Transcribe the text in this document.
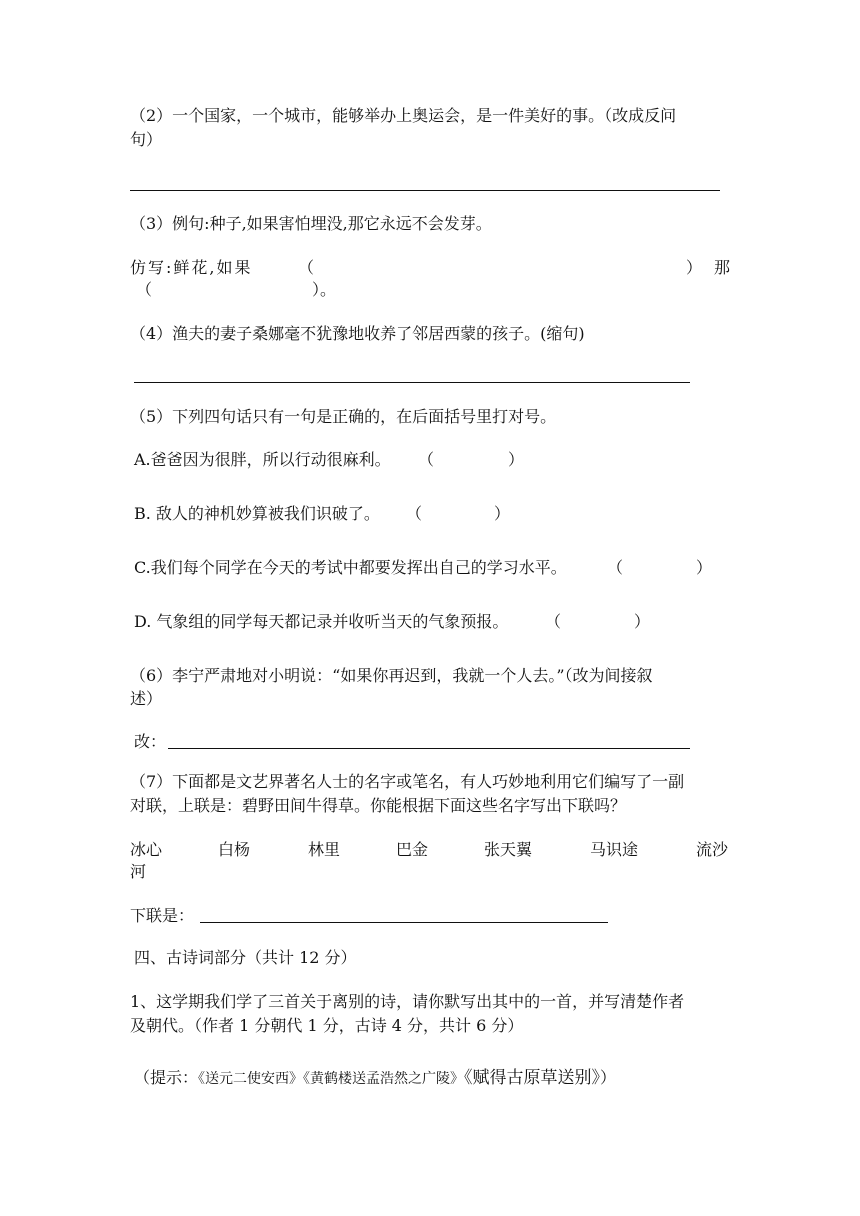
（2）一个国家，一个城市，能够举办上奥运会，是一件美好的事。（改成反问
句）
（3）例句:种子,如果害怕埋没,那它永远不会发芽。
仿写:鲜花,如果	（	） 那
（	）。
（4）渔夫的妻子桑娜毫不犹豫地收养了邻居西蒙的孩子。(缩句)
（5）下列四句话只有一句是正确的，在后面括号里打对号。
A.爸爸因为很胖，所以行动很麻利。 （	）
B. 敌人的神机妙算被我们识破了。 （	）
C.我们每个同学在今天的考试中都要发挥出自己的学习水平。	（	）
D. 气象组的同学每天都记录并收听当天的气象预报。 （	）
（6）李宁严肃地对小明说：“如果你再迟到，我就一个人去。”（改为间接叙
述）
改：
（7）下面都是文艺界著名人士的名字或笔名，有人巧妙地利用它们编写了一副
对联，上联是：碧野田间牛得草。你能根据下面这些名字写出下联吗？
冰心	白杨	林里	巴金	张天翼	马识途	流沙
河
下联是：
四、古诗词部分（共计 12 分）
1、这学期我们学了三首关于离别的诗，请你默写出其中的一首，并写清楚作者
及朝代。（作者 1 分朝代 1 分，古诗 4 分，共计 6 分）
（提示：《送元二使安西》《黄鹤楼送孟浩然之广陵》《赋得古原草送别》）
